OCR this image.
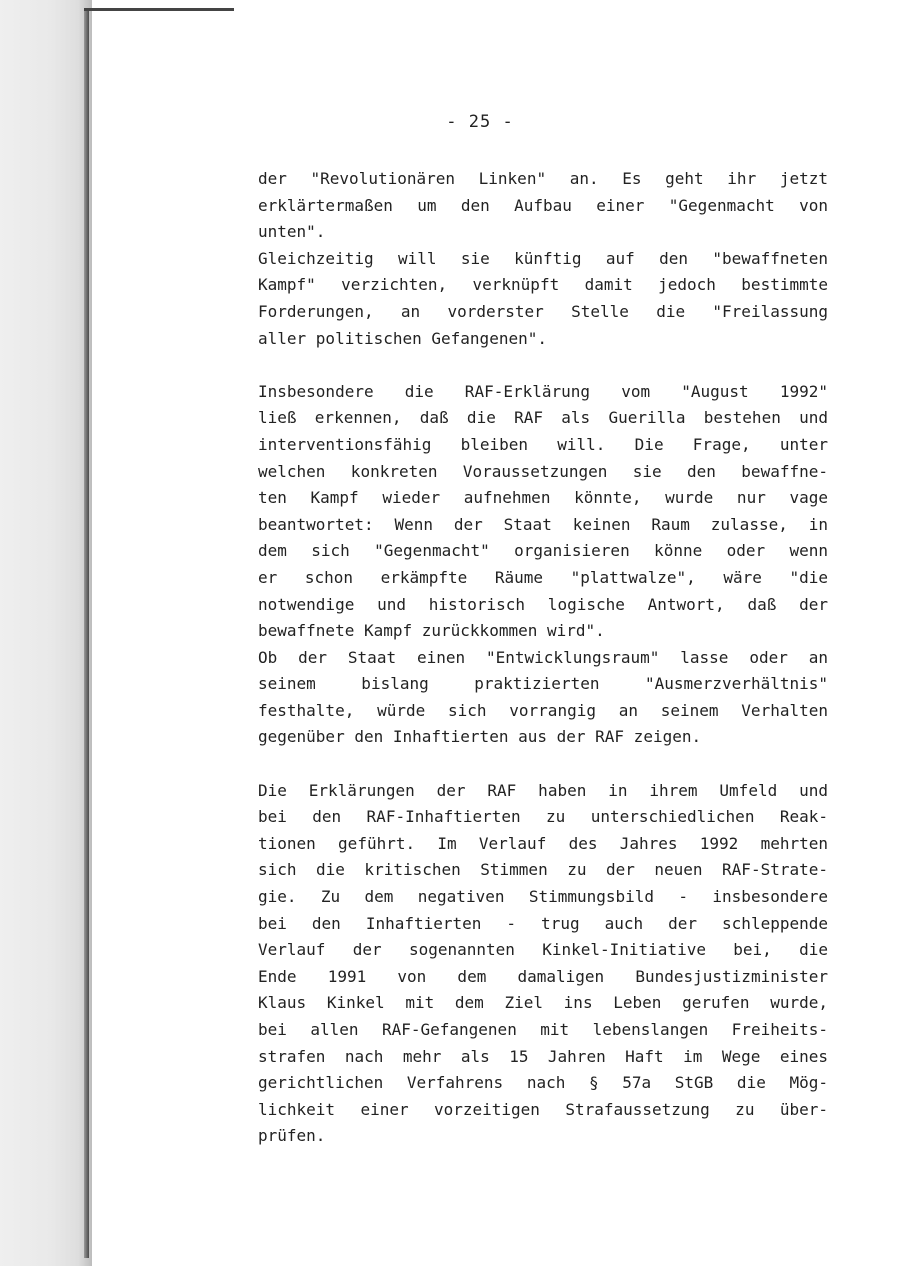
- 25 -
der "Revolutionären Linken" an. Es geht ihr jetzt
erklärtermaßen um den Aufbau einer "Gegenmacht von
unten".
Gleichzeitig will sie künftig auf den "bewaffneten
Kampf" verzichten, verknüpft damit jedoch bestimmte
Forderungen, an vorderster Stelle die "Freilassung
aller politischen Gefangenen".
Insbesondere die RAF-Erklärung vom "August 1992"
ließ erkennen, daß die RAF als Guerilla bestehen und
interventionsfähig bleiben will. Die Frage, unter
welchen konkreten Voraussetzungen sie den bewaffne-
ten Kampf wieder aufnehmen könnte, wurde nur vage
beantwortet: Wenn der Staat keinen Raum zulasse, in
dem sich "Gegenmacht" organisieren könne oder wenn
er schon erkämpfte Räume "plattwalze", wäre "die
notwendige und historisch logische Antwort, daß der
bewaffnete Kampf zurückkommen wird".
Ob der Staat einen "Entwicklungsraum" lasse oder an
seinem bislang praktizierten "Ausmerzverhältnis"
festhalte, würde sich vorrangig an seinem Verhalten
gegenüber den Inhaftierten aus der RAF zeigen.
Die Erklärungen der RAF haben in ihrem Umfeld und
bei den RAF-Inhaftierten zu unterschiedlichen Reak-
tionen geführt. Im Verlauf des Jahres 1992 mehrten
sich die kritischen Stimmen zu der neuen RAF-Strate-
gie. Zu dem negativen Stimmungsbild - insbesondere
bei den Inhaftierten - trug auch der schleppende
Verlauf der sogenannten Kinkel-Initiative bei, die
Ende 1991 von dem damaligen Bundesjustizminister
Klaus Kinkel mit dem Ziel ins Leben gerufen wurde,
bei allen RAF-Gefangenen mit lebenslangen Freiheits-
strafen nach mehr als 15 Jahren Haft im Wege eines
gerichtlichen Verfahrens nach § 57a StGB die Mög-
lichkeit einer vorzeitigen Strafaussetzung zu über-
prüfen.
